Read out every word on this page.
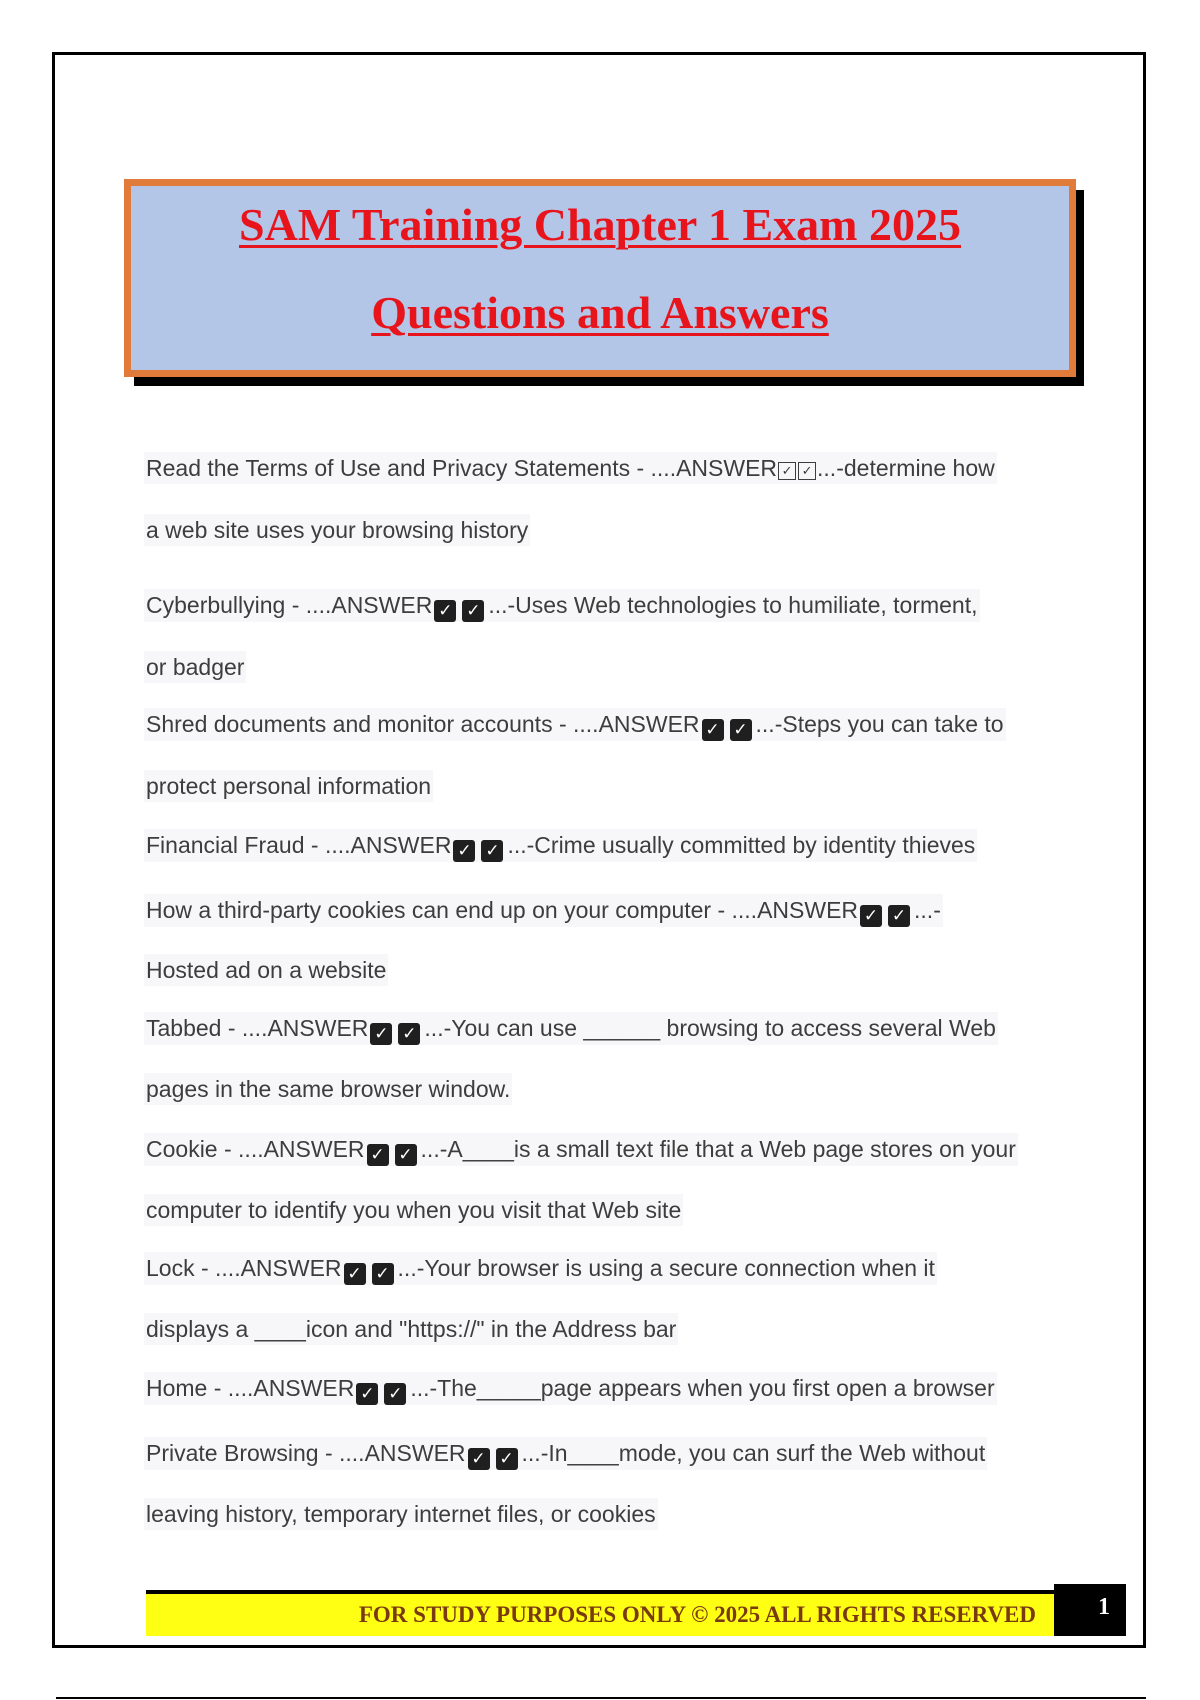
SAM Training Chapter 1 Exam 2025
Questions and Answers
Read the Terms of Use and Privacy Statements - ....ANSWER ✓ ✓ ...-determine how
a web site uses your browsing history
Cyberbullying - ....ANSWER ✓ ✓ ...-Uses Web technologies to humiliate, torment,
or badger
Shred documents and monitor accounts - ....ANSWER ✓ ✓ ...-Steps you can take to
protect personal information
Financial Fraud - ....ANSWER ✓ ✓ ...-Crime usually committed by identity thieves
How a third-party cookies can end up on your computer - ....ANSWER ✓ ✓ ...-
Hosted ad on a website
Tabbed - ....ANSWER ✓ ✓ ...-You can use ______ browsing to access several Web
pages in the same browser window.
Cookie - ....ANSWER ✓ ✓ ...-A____is a small text file that a Web page stores on your
computer to identify you when you visit that Web site
Lock - ....ANSWER ✓ ✓ ...-Your browser is using a secure connection when it
displays a ____icon and "https://" in the Address bar
Home - ....ANSWER ✓ ✓ ...-The_____page appears when you first open a browser
Private Browsing - ....ANSWER ✓ ✓ ...-In____mode, you can surf the Web without
leaving history, temporary internet files, or cookies
FOR STUDY PURPOSES ONLY © 2025 ALL RIGHTS RESERVED	1
